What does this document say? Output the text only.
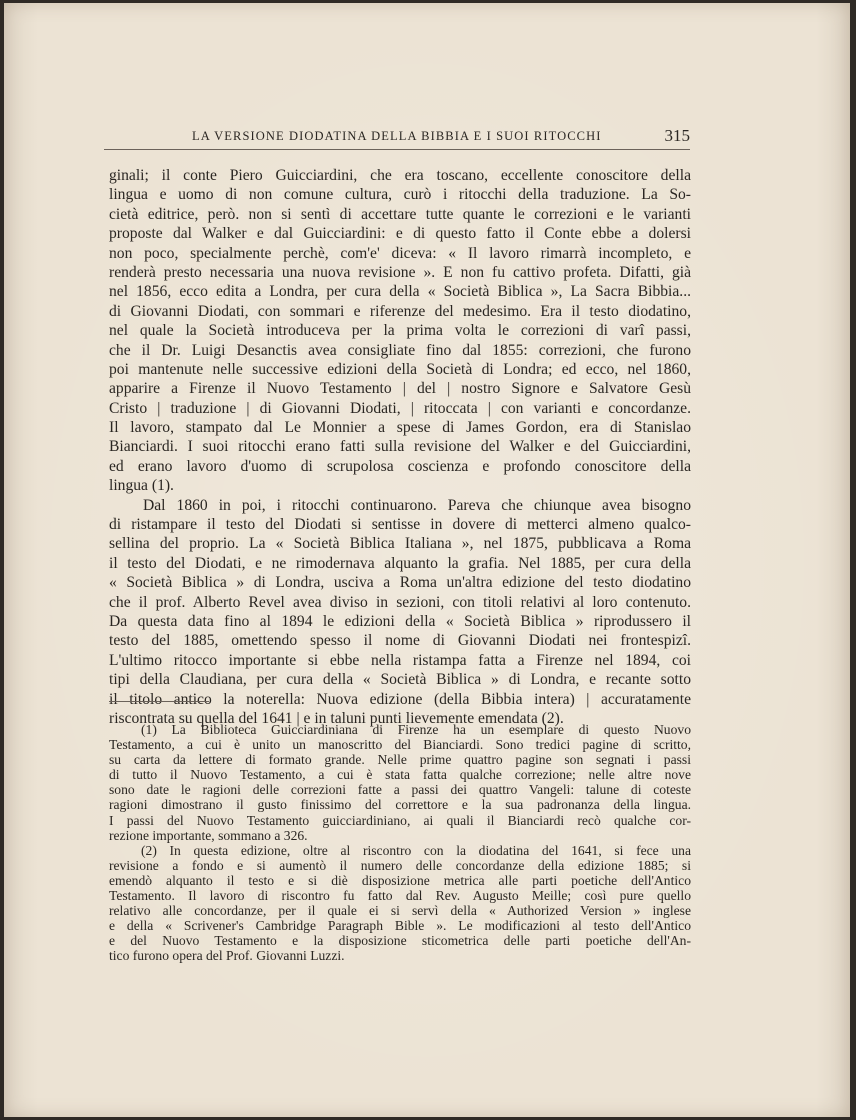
LA VERSIONE DIODATINA DELLA BIBBIA E I SUOI RITOCCHI	315
ginali; il conte Piero Guicciardini, che era toscano, eccellente conoscitore della
lingua e uomo di non comune cultura, curò i ritocchi della traduzione. La So-
cietà editrice, però. non si sentì di accettare tutte quante le correzioni e le varianti
proposte dal Walker e dal Guicciardini: e di questo fatto il Conte ebbe a dolersi
non poco, specialmente perchè, com'e' diceva: « Il lavoro rimarrà incompleto, e
renderà presto necessaria una nuova revisione ». E non fu cattivo profeta. Difatti, già
nel 1856, ecco edita a Londra, per cura della « Società Biblica », La Sacra Bibbia...
di Giovanni Diodati, con sommari e riferenze del medesimo. Era il testo diodatino,
nel quale la Società introduceva per la prima volta le correzioni di varî passi,
che il Dr. Luigi Desanctis avea consigliate fino dal 1855: correzioni, che furono
poi mantenute nelle successive edizioni della Società di Londra; ed ecco, nel 1860,
apparire a Firenze il Nuovo Testamento | del | nostro Signore e Salvatore Gesù
Cristo | traduzione | di Giovanni Diodati, | ritoccata | con varianti e concordanze.
Il lavoro, stampato dal Le Monnier a spese di James Gordon, era di Stanislao
Bianciardi. I suoi ritocchi erano fatti sulla revisione del Walker e del Guicciardini,
ed erano lavoro d'uomo di scrupolosa coscienza e profondo conoscitore della
lingua (1).
Dal 1860 in poi, i ritocchi continuarono. Pareva che chiunque avea bisogno
di ristampare il testo del Diodati si sentisse in dovere di metterci almeno qualco-
sellina del proprio. La « Società Biblica Italiana », nel 1875, pubblicava a Roma
il testo del Diodati, e ne rimodernava alquanto la grafia. Nel 1885, per cura della
« Società Biblica » di Londra, usciva a Roma un'altra edizione del testo diodatino
che il prof. Alberto Revel avea diviso in sezioni, con titoli relativi al loro contenuto.
Da questa data fino al 1894 le edizioni della « Società Biblica » riprodussero il
testo del 1885, omettendo spesso il nome di Giovanni Diodati nei frontespizî.
L'ultimo ritocco importante si ebbe nella ristampa fatta a Firenze nel 1894, coi
tipi della Claudiana, per cura della « Società Biblica » di Londra, e recante sotto
il titolo antico la noterella: Nuova edizione (della Bibbia intera) | accuratamente
riscontrata su quella del 1641 | e in taluni punti lievemente emendata (2).
(1) La Biblioteca Guicciardiniana di Firenze ha un esemplare di questo Nuovo
Testamento, a cui è unito un manoscritto del Bianciardi. Sono tredici pagine di scritto,
su carta da lettere di formato grande. Nelle prime quattro pagine son segnati i passi
di tutto il Nuovo Testamento, a cui è stata fatta qualche correzione; nelle altre nove
sono date le ragioni delle correzioni fatte a passi dei quattro Vangeli: talune di coteste
ragioni dimostrano il gusto finissimo del correttore e la sua padronanza della lingua.
I passi del Nuovo Testamento guicciardiniano, ai quali il Bianciardi recò qualche cor-
rezione importante, sommano a 326.
(2) In questa edizione, oltre al riscontro con la diodatina del 1641, si fece una
revisione a fondo e si aumentò il numero delle concordanze della edizione 1885; si
emendò alquanto il testo e si diè disposizione metrica alle parti poetiche dell'Antico
Testamento. Il lavoro di riscontro fu fatto dal Rev. Augusto Meille; così pure quello
relativo alle concordanze, per il quale ei si servì della « Authorized Version » inglese
e della « Scrivener's Cambridge Paragraph Bible ». Le modificazioni al testo dell'Antico
e del Nuovo Testamento e la disposizione sticometrica delle parti poetiche dell'An-
tico furono opera del Prof. Giovanni Luzzi.
